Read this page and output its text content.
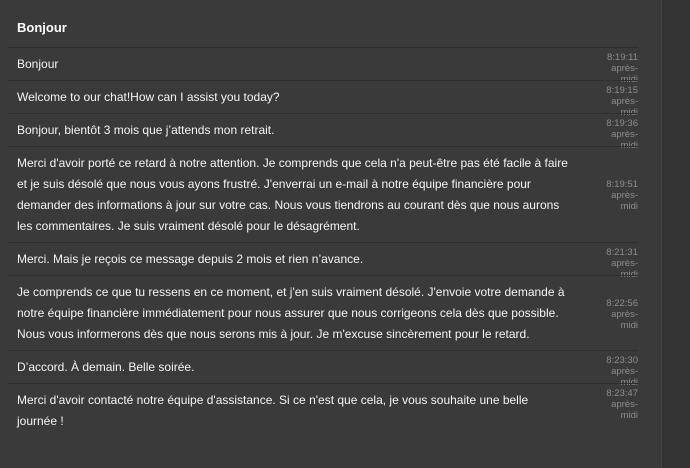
Bonjour
Bonjour	8:19:11 après-
midi
Welcome to our chat!How can I assist you today?	8:19:15 après-
midi
Bonjour, bientôt 3 mois que j’attends mon retrait.	8:19:36 après-
midi
Merci d'avoir porté ce retard à notre attention. Je comprends que cela n'a peut-être pas été facile à faire et je suis désolé que nous vous ayons frustré. J'enverrai un e-mail à notre équipe financière pour demander des informations à jour sur votre cas. Nous vous tiendrons au courant dès que nous aurons les commentaires. Je suis vraiment désolé pour le désagrément.
8:19:51 après-
midi
Merci. Mais je reçois ce message depuis 2 mois et rien n’avance.	8:21:31 après-
midi
Je comprends ce que tu ressens en ce moment, et j'en suis vraiment désolé. J'envoie votre demande à notre équipe financière immédiatement pour nous assurer que nous corrigeons cela dès que possible. Nous vous informerons dès que nous serons mis à jour. Je m'excuse sincèrement pour le retard.
8:22:56 après-
midi
D’accord. À demain. Belle soirée.	8:23:30 après-
midi
Merci d'avoir contacté notre équipe d'assistance. Si ce n'est que cela, je vous souhaite une belle journée !
8:23:47 après-
midi
